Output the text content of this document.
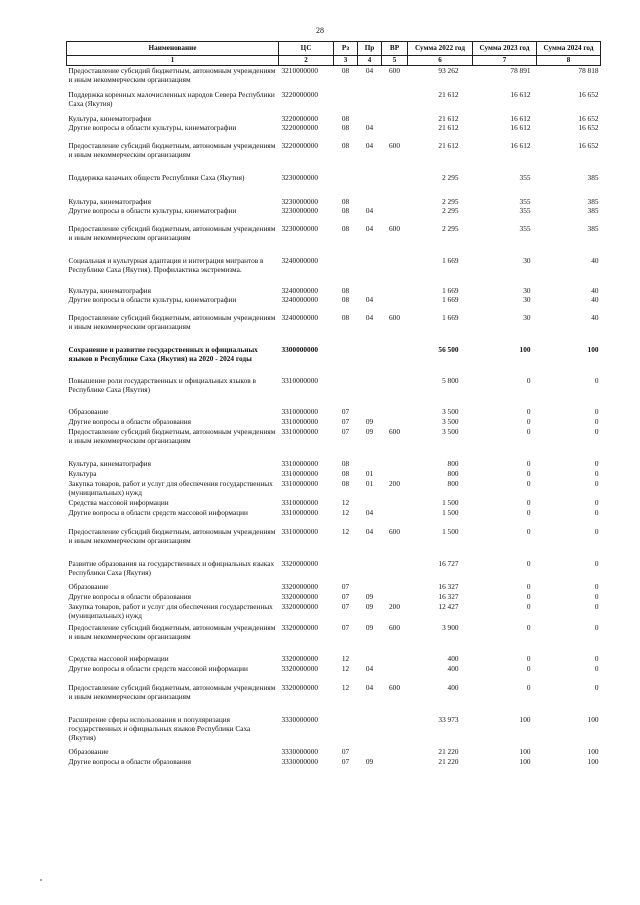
28
Наименование	ЦС	Рз	Пр	ВР	Сумма 2022 год	Сумма 2023 год	Сумма 2024 год
1	2	3	4	5	6	7	8
Предоставление субсидий бюджетным, автономным учреждениям и иным некоммерческим организациям	3210000000	08	04	600	93 262	78 891	78 818
Поддержка коренных малочисленных народов Севера Республики Саха (Якутия)	3220000000				21 612	16 612	16 652
Культура, кинематография	3220000000	08			21 612	16 612	16 652
Другие вопросы в области культуры, кинематографии	3220000000	08	04		21 612	16 612	16 652
Предоставление субсидий бюджетным, автономным учреждениям и иным некоммерческим организациям	3220000000	08	04	600	21 612	16 612	16 652
Поддержка казачьих обществ Республики Саха (Якутия)	3230000000				2 295	355	385
Культура, кинематография	3230000000	08			2 295	355	385
Другие вопросы в области культуры, кинематографии	3230000000	08	04		2 295	355	385
Предоставление субсидий бюджетным, автономным учреждениям и иным некоммерческим организациям	3230000000	08	04	600	2 295	355	385
Социальная и культурная адаптация и интеграция мигрантов в Республике Саха (Якутия). Профилактика экстремизма.	3240000000				1 669	30	40
Культура, кинематография	3240000000	08			1 669	30	40
Другие вопросы в области культуры, кинематографии	3240000000	08	04		1 669	30	40
Предоставление субсидий бюджетным, автономным учреждениям и иным некоммерческим организациям	3240000000	08	04	600	1 669	30	40
Сохранение и развитие государственных и официальных языков в Республике Саха (Якутия) на 2020 - 2024 годы	3300000000				56 500	100	100
Повышение роли государственных и официальных языков в Республике Саха (Якутия)	3310000000				5 800	0	0
Образование	3310000000	07			3 500	0	0
Другие вопросы в области образования	3310000000	07	09		3 500	0	0
Предоставление субсидий бюджетным, автономным учреждениям и иным некоммерческим организациям	3310000000	07	09	600	3 500	0	0
Культура, кинематография	3310000000	08			800	0	0
Культура	3310000000	08	01		800	0	0
Закупка товаров, работ и услуг для обеспечения государственных (муниципальных) нужд	3310000000	08	01	200	800	0	0
Средства массовой информации	3310000000	12			1 500	0	0
Другие вопросы в области средств массовой информации	3310000000	12	04		1 500	0	0
Предоставление субсидий бюджетным, автономным учреждениям и иным некоммерческим организациям	3310000000	12	04	600	1 500	0	0
Развитие образования на государственных и официальных языках Республики Саха (Якутия)	3320000000				16 727	0	0
Образование	3320000000	07			16 327	0	0
Другие вопросы в области образования	3320000000	07	09		16 327	0	0
Закупка товаров, работ и услуг для обеспечения государственных (муниципальных) нужд	3320000000	07	09	200	12 427	0	0
Предоставление субсидий бюджетным, автономным учреждениям и иным некоммерческим организациям	3320000000	07	09	600	3 900	0	0
Средства массовой информации	3320000000	12			400	0	0
Другие вопросы в области средств массовой информации	3320000000	12	04		400	0	0
Предоставление субсидий бюджетным, автономным учреждениям и иным некоммерческим организациям	3320000000	12	04	600	400	0	0
Расширение сферы использования и популяризация государственных и официальных языков Республики Саха (Якутия)	3330000000				33 973	100	100
Образование	3330000000	07			21 220	100	100
Другие вопросы в области образования	3330000000	07	09		21 220	100	100
